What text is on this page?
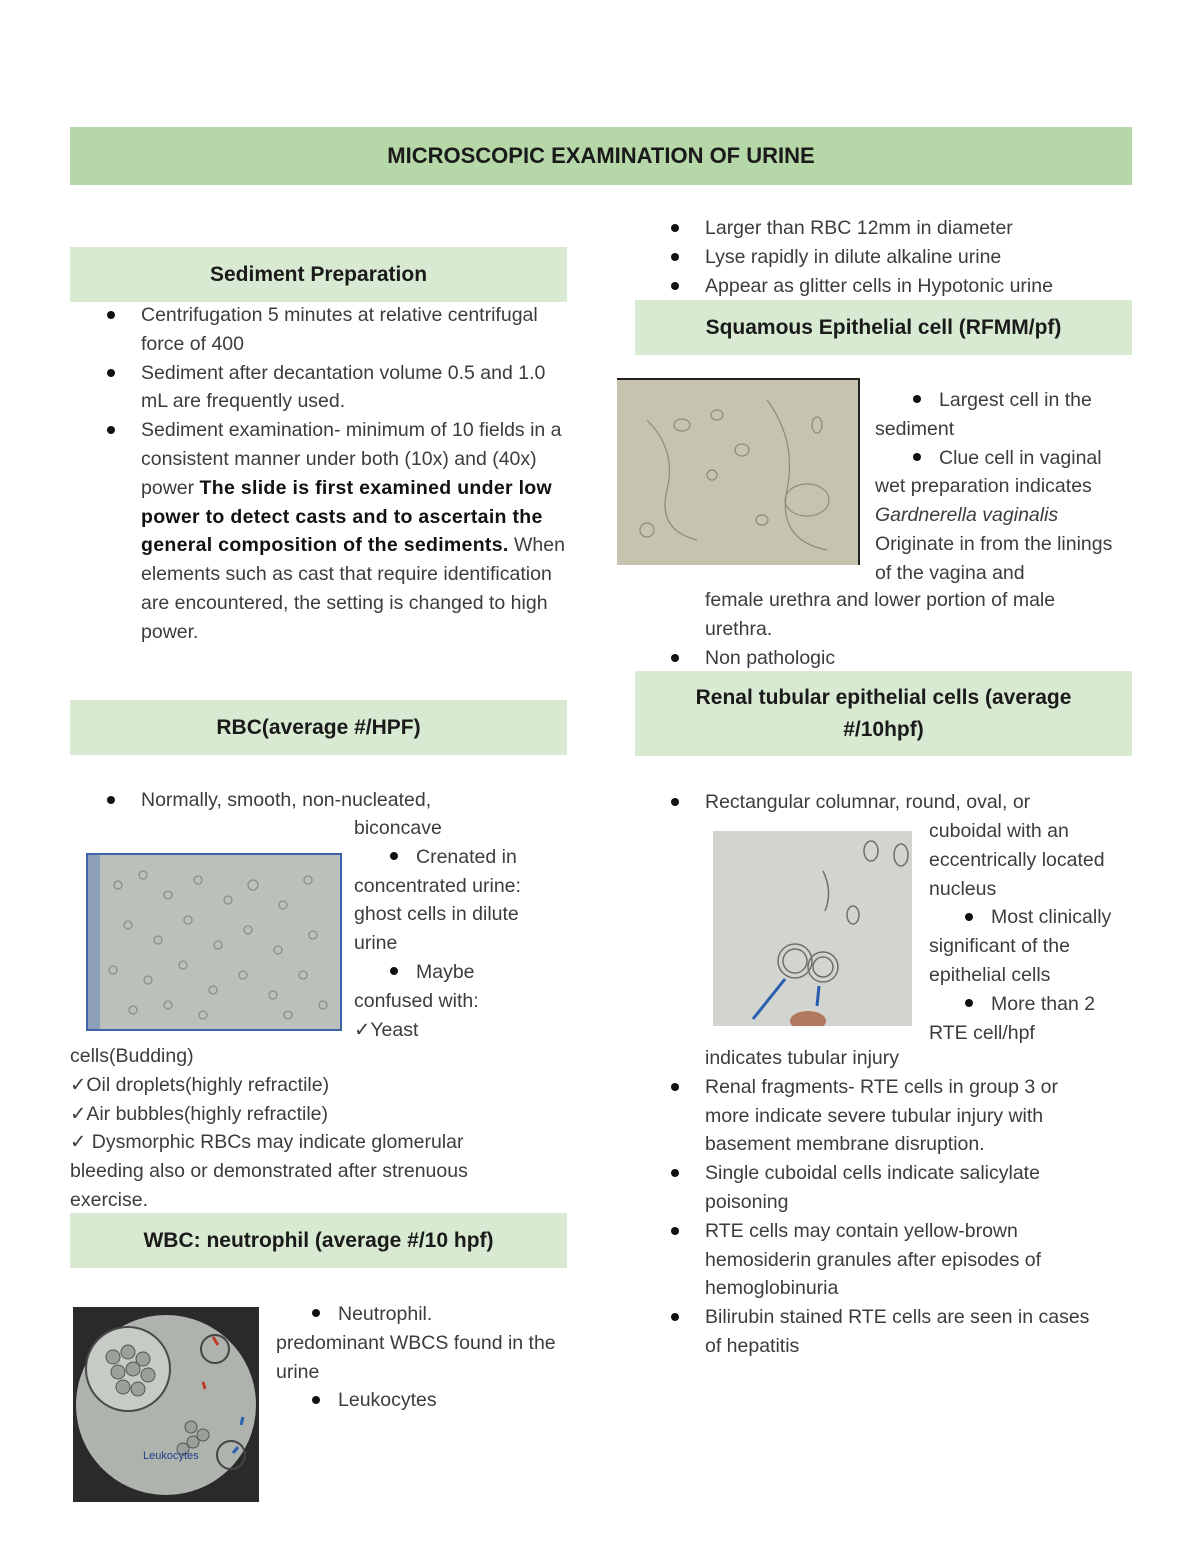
MICROSCOPIC EXAMINATION OF URINE
Sediment Preparation
Centrifugation 5 minutes at relative centrifugal force of 400
Sediment after decantation volume 0.5 and 1.0 mL are frequently used.
Sediment examination- minimum of 10 fields in a consistent manner under both (10x) and (40x) power The slide is first examined under low power to detect casts and to ascertain the general composition of the sediments. When elements such as cast that require identification are encountered, the setting is changed to high power.
RBC(average #/HPF)
Normally, smooth, non-nucleated,

biconcave

Crenated in concentrated urine: ghost cells in dilute urine

Maybe confused with:

✓Yeast

cells(Budding)

✓Oil droplets(highly refractile)

✓Air bubbles(highly refractile)

✓ Dysmorphic RBCs may indicate glomerular bleeding also or demonstrated after strenuous exercise.

WBC: neutrophil (average #/10 hpf)
Leukocytes

Neutrophil.

predominant WBCS found in the urine

Leukocytes

Larger than RBC 12mm in diameter
Lyse rapidly in dilute alkaline urine
Appear as glitter cells in Hypotonic urine
Squamous Epithelial cell (RFMM/pf)

Largest cell in the sediment

Clue cell in vaginal wet preparation indicates

Gardnerella vaginalis

Originate in from the linings of the vagina and

female urethra and lower portion of male urethra.
Non pathologic
Renal tubular epithelial cells (average #/10hpf)
Rectangular columnar, round, oval, or

cuboidal with an eccentrically located nucleus

Most clinically significant of the epithelial cells

More than 2 RTE cell/hpf

indicates tubular injury
Renal fragments- RTE cells in group 3 or more indicate severe tubular injury with basement membrane disruption.
Single cuboidal cells indicate salicylate poisoning
RTE cells may contain yellow-brown hemosiderin granules after episodes of hemoglobinuria
Bilirubin stained RTE cells are seen in cases of hepatitis
